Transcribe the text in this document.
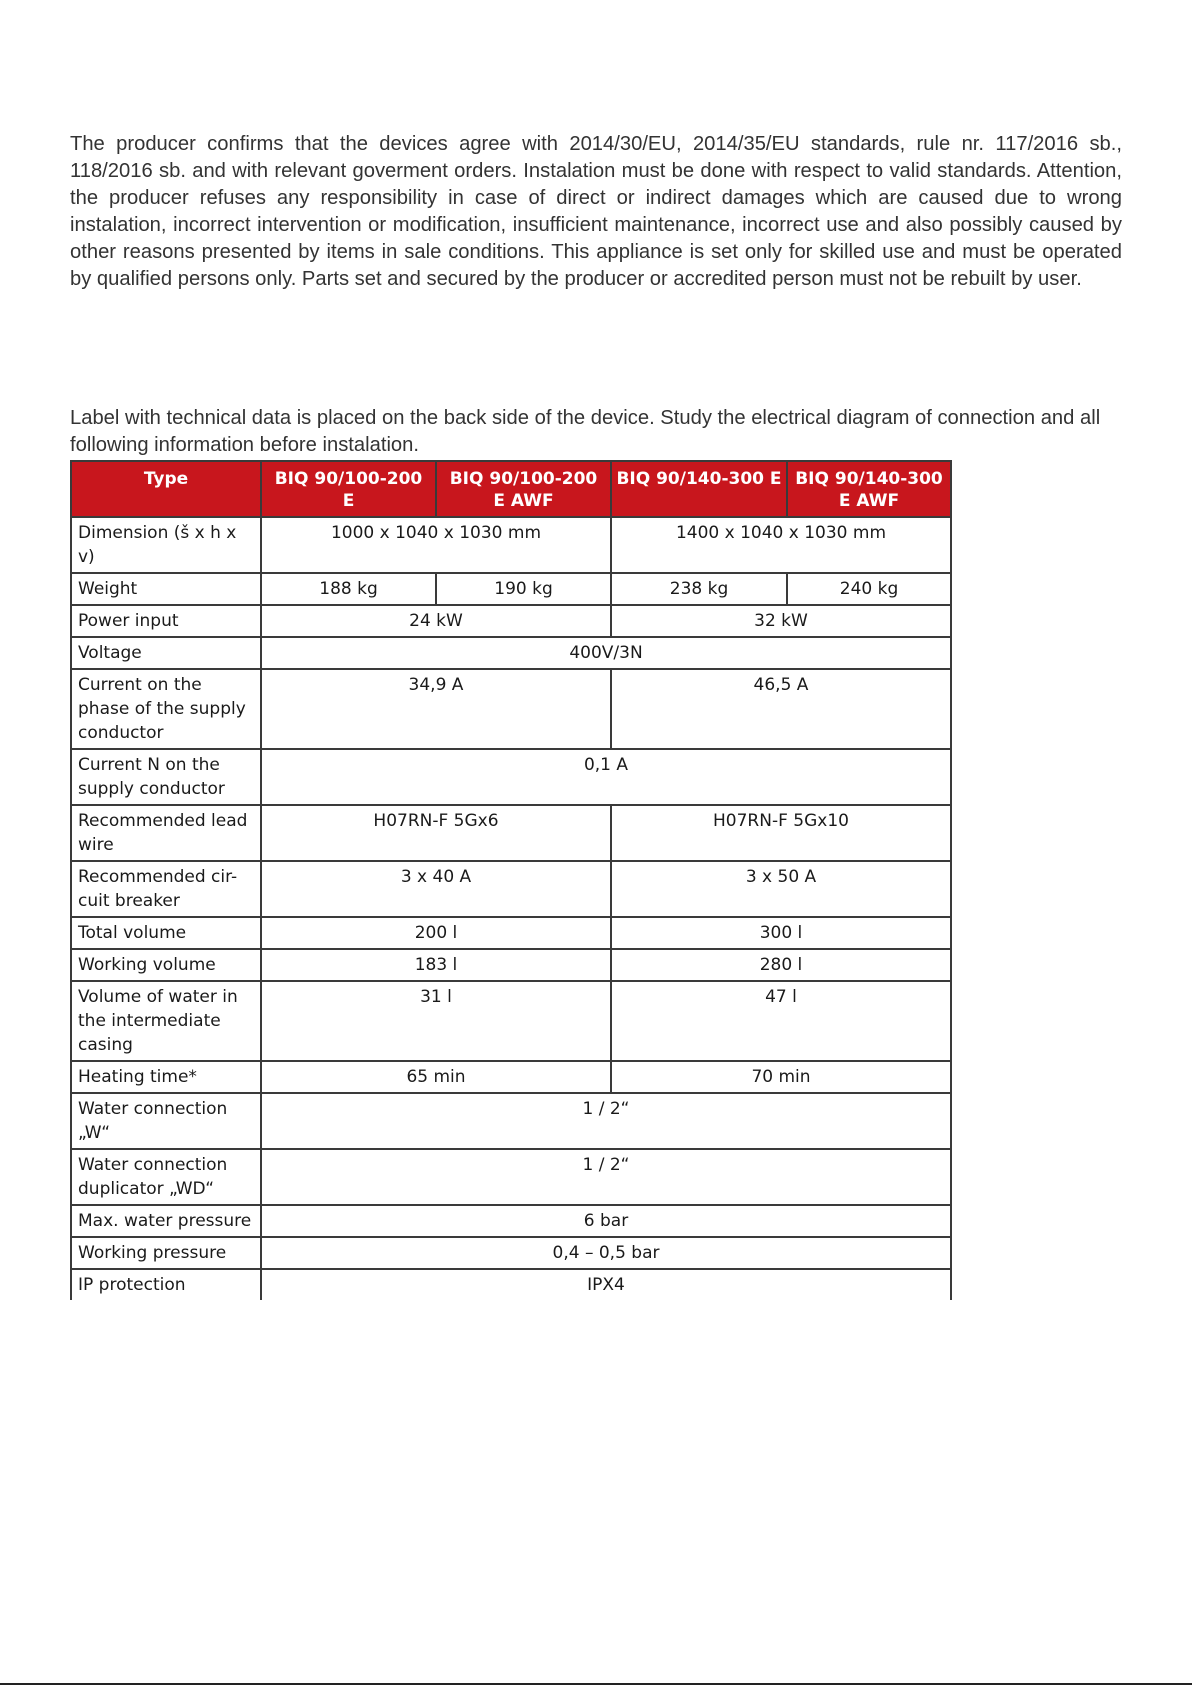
The producer confirms that the devices agree with 2014/30/EU, 2014/35/EU standards, rule nr. 117/2016 sb., 118/2016 sb. and with relevant goverment orders. Instalation must be done with respect to valid standards. Attention, the producer refuses any responsibility in case of direct or indirect damages which are caused due to wrong instalation, incorrect intervention or modification, insufficient maintenance, incorrect use and also possibly caused by other reasons presented by items in sale conditions. This appliance is set only for skilled use and must be operated by qualified persons only. Parts set and secured by the producer or accredited person must not be rebuilt by user.

Label with technical data is placed on the back side of the device. Study the electrical diagram of connection and all following information before instalation.

Type	BIQ 90/100-200 E	BIQ 90/100-200 E AWF	BIQ 90/140-300 E	BIQ 90/140-300 E AWF
Dimension (š x h x v)	1000 x 1040 x 1030 mm		1400 x 1040 x 1030 mm	
Weight	188 kg	190 kg	238 kg	240 kg
Power input	24 kW		32 kW	
Voltage	400V/3N			
Current on the phase of the supply conductor	34,9 A		46,5 A	
Current N on the supply conductor	0,1 A			
Recommended lead wire	H07RN-F 5Gx6		H07RN-F 5Gx10	
Recommended cir-cuit breaker	3 x 40 A		3 x 50 A	
Total volume	200 l		300 l	
Working volume	183 l		280 l	
Volume of water in the intermediate casing	31 l		47 l	
Heating time*	65 min		70 min	
Water connection „W“	1 / 2“			
Water connection duplicator „WD“	1 / 2“			
Max. water pressure	6 bar			
Working pressure	0,4 – 0,5 bar			
IP protection	IPX4			
